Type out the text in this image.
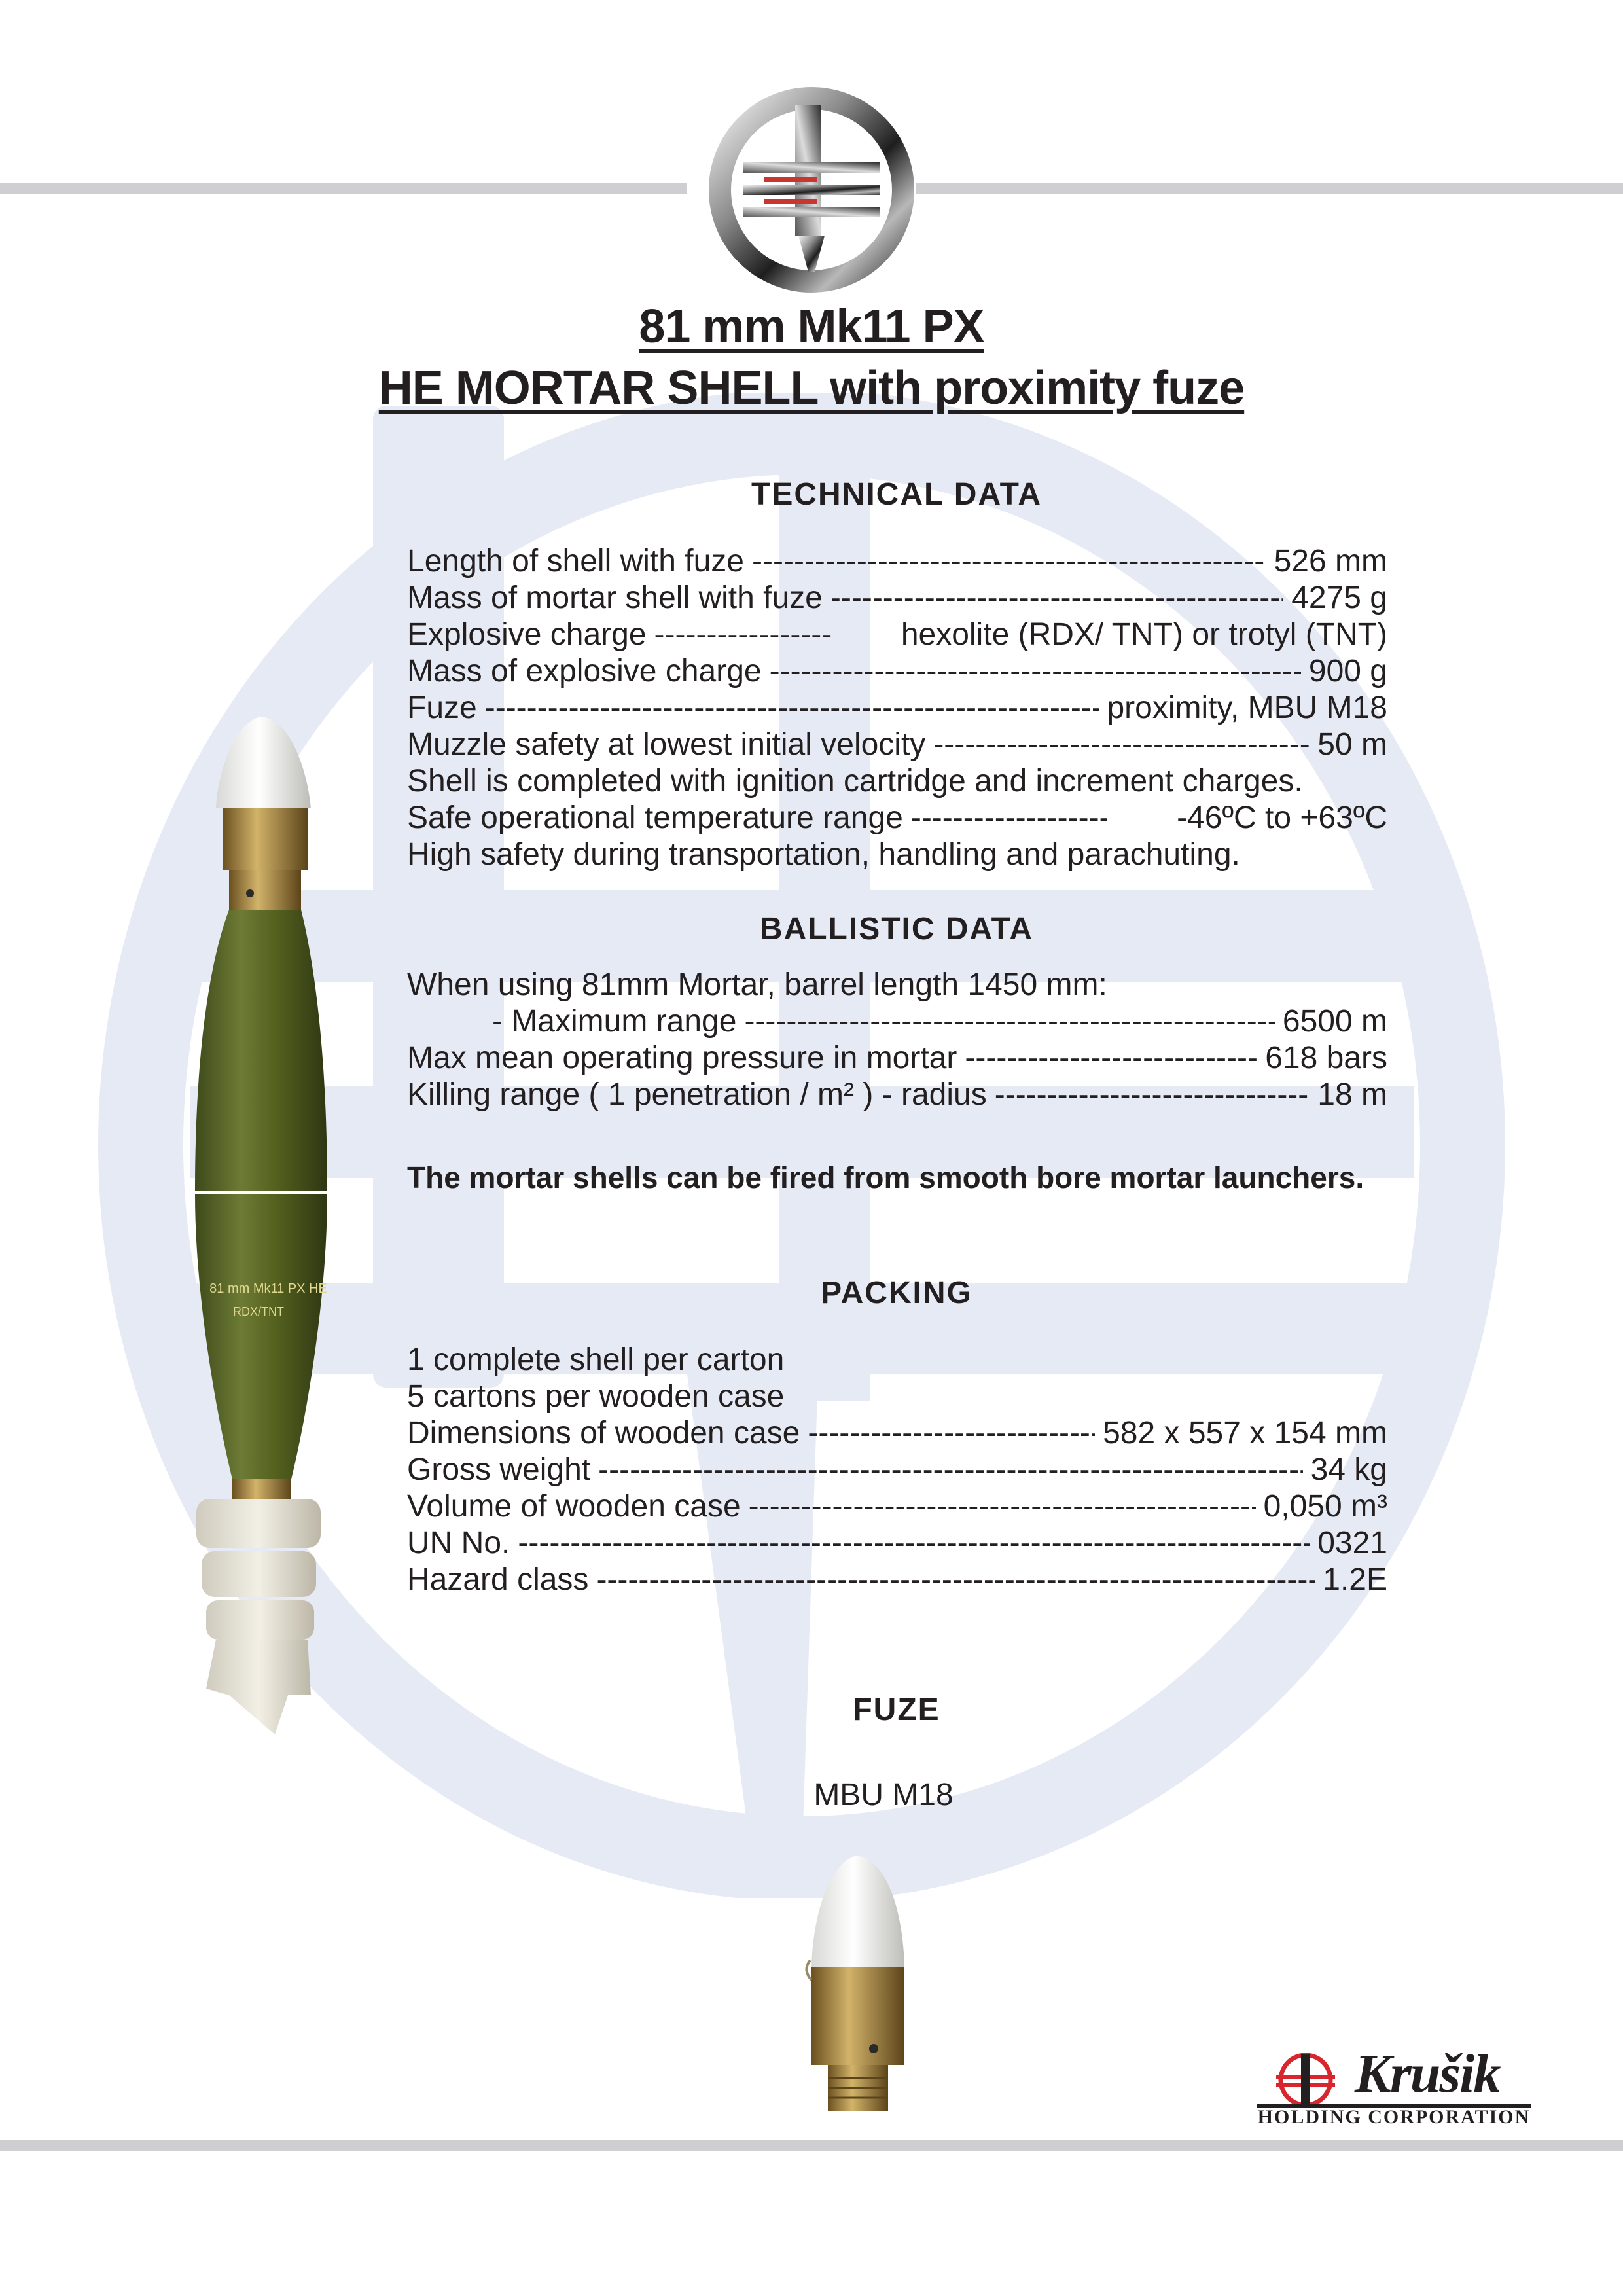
81 mm Mk11 PX
HE MORTAR SHELL with proximity fuze
TECHNICAL DATA
Length of shell with fuze -----	526 mm
Mass of mortar shell with fuze -----	4275 g
Explosive charge -----	hexolite (RDX/ TNT) or trotyl (TNT)
Mass of explosive charge -----	900 g
Fuze -----	proximity, MBU M18
Muzzle safety at lowest initial velocity -----	50 m
Shell is completed with ignition cartridge and increment charges.
Safe operational temperature range -----	-46ºC to +63ºC
High safety during transportation, handling and parachuting.
BALLISTIC DATA
When using 81mm Mortar, barrel length 1450 mm:
- Maximum range -----	6500 m
Max mean operating pressure in mortar -----	618 bars
Killing range ( 1 penetration / m² ) - radius -----	18 m
The mortar shells can be fired from smooth bore mortar launchers.
PACKING
1 complete shell per carton
5 cartons per wooden case
Dimensions of wooden case -----	582 x 557 x 154 mm
Gross weight -----	34 kg
Volume of wooden case -----	0,050 m³
UN No. -----	0321
Hazard class -----	1.2E
FUZE
MBU M18
81 mm Mk11 PX HE
RDX/TNT
Krušik
HOLDING CORPORATION
